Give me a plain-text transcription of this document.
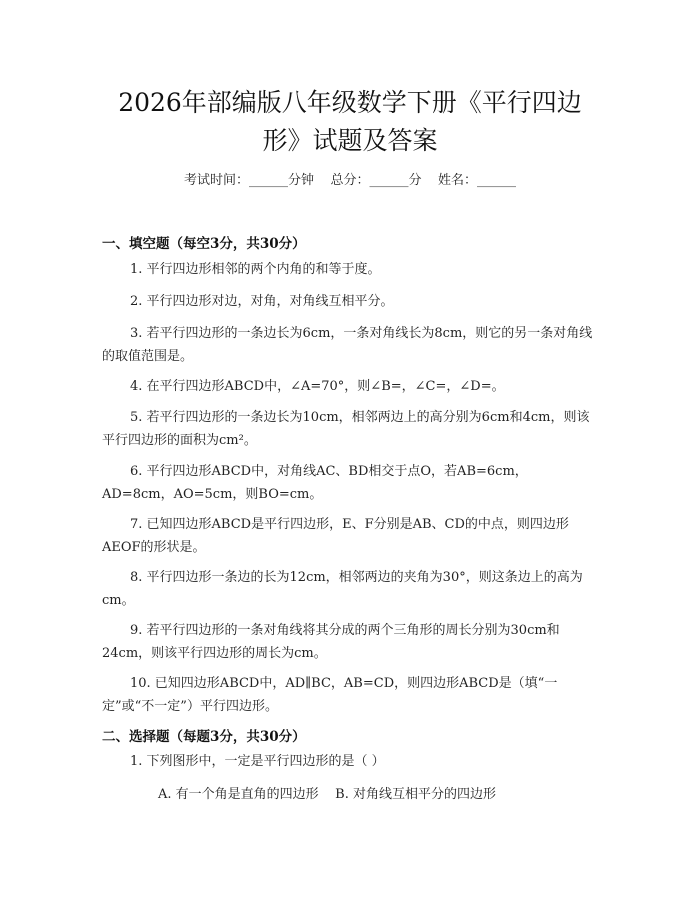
2026年部编版八年级数学下册《平行四边
形》试题及答案
考试时间：______分钟    总分：______分    姓名：______
一、填空题（每空3分，共30分）

1. 平行四边形相邻的两个内角的和等于度。

2. 平行四边形对边，对角，对角线互相平分。

3. 若平行四边形的一条边长为6cm，一条对角线长为8cm，则它的另一条对角线的取值范围是。

4. 在平行四边形ABCD中，∠A=70°，则∠B=，∠C=，∠D=。

5. 若平行四边形的一条边长为10cm，相邻两边上的高分别为6cm和4cm，则该平行四边形的面积为cm²。

6. 平行四边形ABCD中，对角线AC、BD相交于点O，若AB=6cm，AD=8cm，AO=5cm，则BO=cm。

7. 已知四边形ABCD是平行四边形，E、F分别是AB、CD的中点，则四边形AEOF的形状是。

8. 平行四边形一条边的长为12cm，相邻两边的夹角为30°，则这条边上的高为cm。

9. 若平行四边形的一条对角线将其分成的两个三角形的周长分别为30cm和24cm，则该平行四边形的周长为cm。

10. 已知四边形ABCD中，AD∥BC，AB=CD，则四边形ABCD是（填“一定”或“不一定”）平行四边形。

二、选择题（每题3分，共30分）

1. 下列图形中，一定是平行四边形的是（ ）

A. 有一个角是直角的四边形    B. 对角线互相平分的四边形
